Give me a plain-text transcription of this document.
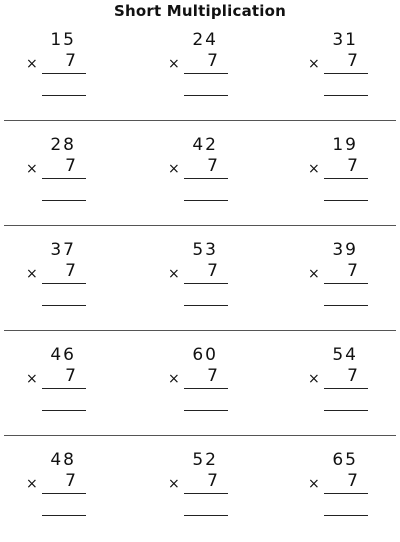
Short Multiplication
15
× 7
24
× 7
31
× 7
28
× 7
42
× 7
19
× 7
37
× 7
53
× 7
39
× 7
46
× 7
60
× 7
54
× 7
48
× 7
52
× 7
65
× 7
